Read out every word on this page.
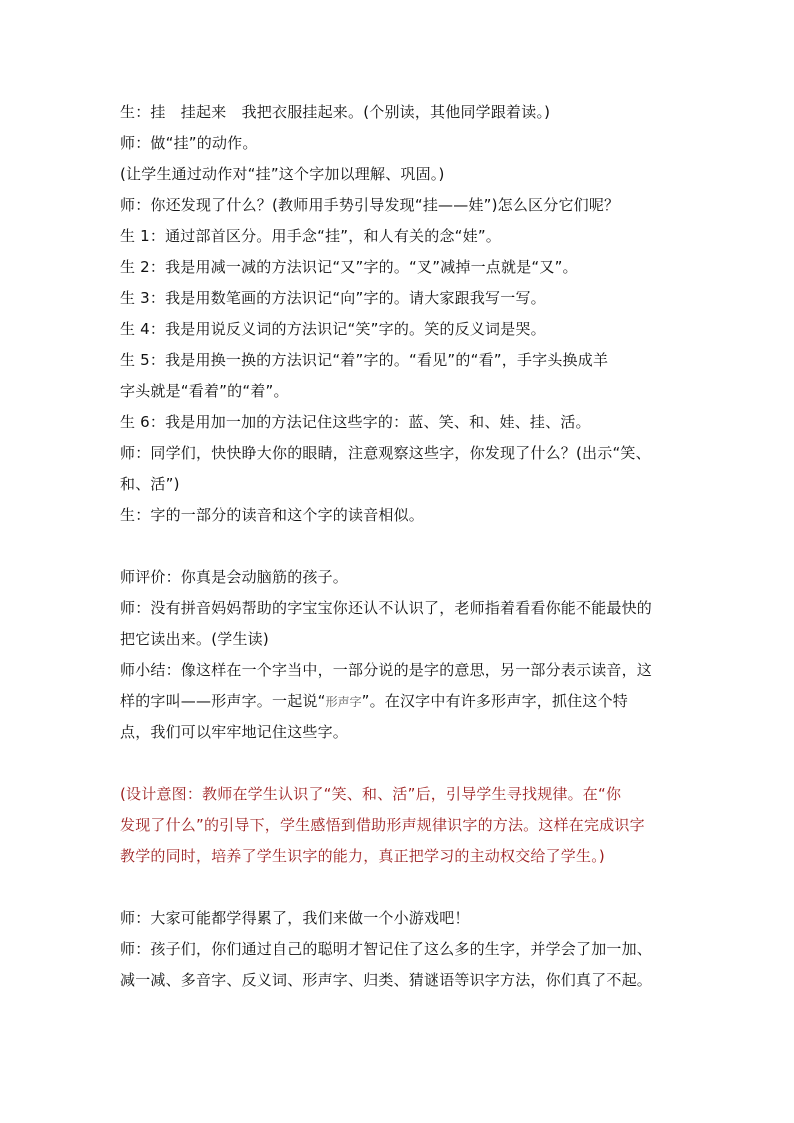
生：挂　挂起来　我把衣服挂起来。(个别读，其他同学跟着读。)
师：做“挂”的动作。
(让学生通过动作对“挂”这个字加以理解、巩固。)
师：你还发现了什么？(教师用手势引导发现“挂——娃”)怎么区分它们呢？
生 1：通过部首区分。用手念“挂”，和人有关的念“娃”。
生 2：我是用减一减的方法识记“又”字的。“叉”减掉一点就是“又”。
生 3：我是用数笔画的方法识记“向”字的。请大家跟我写一写。
生 4：我是用说反义词的方法识记“笑”字的。笑的反义词是哭。
生 5：我是用换一换的方法识记“着”字的。“看见”的“看”，手字头换成羊
字头就是“看着”的“着”。
生 6：我是用加一加的方法记住这些字的：蓝、笑、和、娃、挂、活。
师：同学们，快快睁大你的眼睛，注意观察这些字，你发现了什么？(出示“笑、
和、活”)
生：字的一部分的读音和这个字的读音相似。
师评价：你真是会动脑筋的孩子。
师：没有拼音妈妈帮助的字宝宝你还认不认识了，老师指着看看你能不能最快的
把它读出来。(学生读)
师小结：像这样在一个字当中，一部分说的是字的意思，另一部分表示读音，这
样的字叫——形声字。一起说“形声字”。在汉字中有许多形声字，抓住这个特
点，我们可以牢牢地记住这些字。
(设计意图：教师在学生认识了“笑、和、活”后，引导学生寻找规律。在“你
发现了什么”的引导下，学生感悟到借助形声规律识字的方法。这样在完成识字
教学的同时，培养了学生识字的能力，真正把学习的主动权交给了学生。)
师：大家可能都学得累了，我们来做一个小游戏吧！
师：孩子们，你们通过自己的聪明才智记住了这么多的生字，并学会了加一加、
减一减、多音字、反义词、形声字、归类、猜谜语等识字方法，你们真了不起。
